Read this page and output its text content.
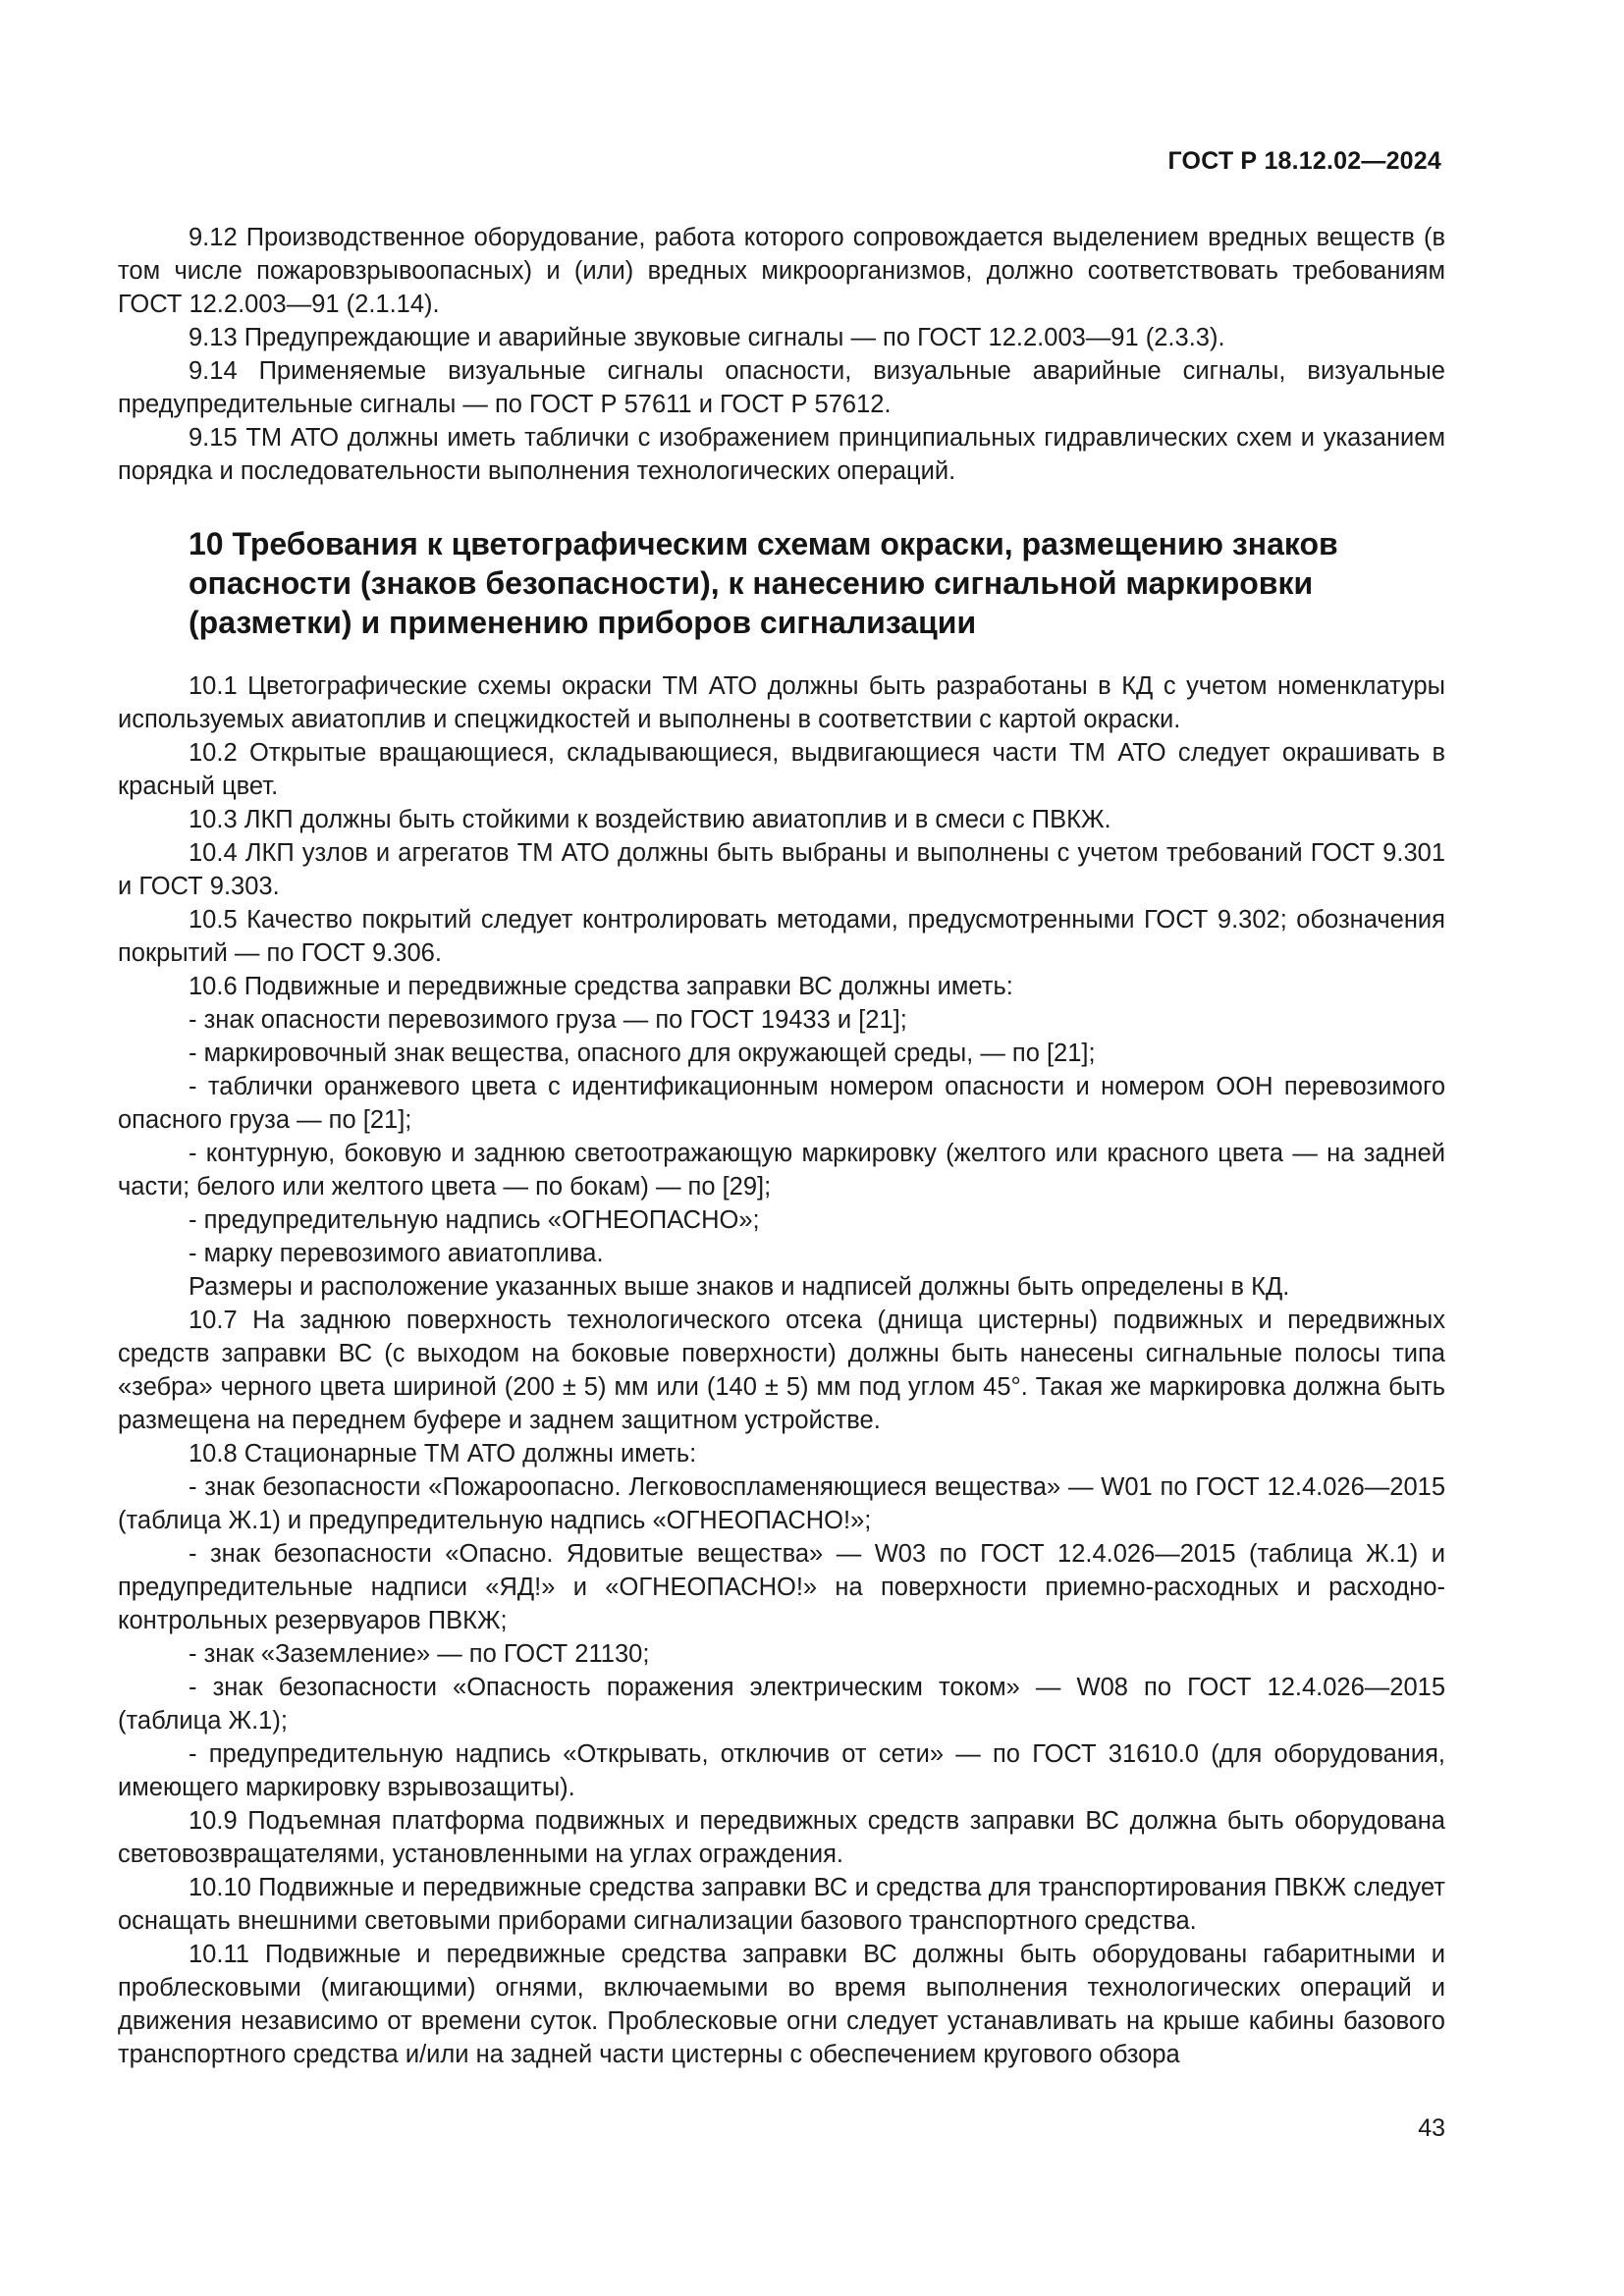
ГОСТ Р 18.12.02—2024

9.12 Производственное оборудование, работа которого сопровождается выделением вредных веществ (в том числе пожаровзрывоопасных) и (или) вредных микроорганизмов, должно соответствовать требованиям ГОСТ 12.2.003—91 (2.1.14).

9.13 Предупреждающие и аварийные звуковые сигналы — по ГОСТ 12.2.003—91 (2.3.3).

9.14 Применяемые визуальные сигналы опасности, визуальные аварийные сигналы, визуальные предупредительные сигналы — по ГОСТ Р 57611 и ГОСТ Р 57612.

9.15 ТМ АТО должны иметь таблички с изображением принципиальных гидравлических схем и указанием порядка и последовательности выполнения технологических операций.

10 Требования к цветографическим схемам окраски, размещению знаков опасности (знаков безопасности), к нанесению сигнальной маркировки (разметки) и применению приборов сигнализации

10.1 Цветографические схемы окраски ТМ АТО должны быть разработаны в КД с учетом номенклатуры используемых авиатоплив и спецжидкостей и выполнены в соответствии с картой окраски.

10.2 Открытые вращающиеся, складывающиеся, выдвигающиеся части ТМ АТО следует окрашивать в красный цвет.

10.3 ЛКП должны быть стойкими к воздействию авиатоплив и в смеси с ПВКЖ.

10.4 ЛКП узлов и агрегатов ТМ АТО должны быть выбраны и выполнены с учетом требований ГОСТ 9.301 и ГОСТ 9.303.

10.5 Качество покрытий следует контролировать методами, предусмотренными ГОСТ 9.302; обозначения покрытий — по ГОСТ 9.306.

10.6 Подвижные и передвижные средства заправки ВС должны иметь:

- знак опасности перевозимого груза — по ГОСТ 19433 и [21];

- маркировочный знак вещества, опасного для окружающей среды, — по [21];

- таблички оранжевого цвета с идентификационным номером опасности и номером ООН перевозимого опасного груза — по [21];

- контурную, боковую и заднюю светоотражающую маркировку (желтого или красного цвета — на задней части; белого или желтого цвета — по бокам) — по [29];

- предупредительную надпись «ОГНЕОПАСНО»;

- марку перевозимого авиатоплива.

Размеры и расположение указанных выше знаков и надписей должны быть определены в КД.

10.7 На заднюю поверхность технологического отсека (днища цистерны) подвижных и передвижных средств заправки ВС (с выходом на боковые поверхности) должны быть нанесены сигнальные полосы типа «зебра» черного цвета шириной (200 ± 5) мм или (140 ± 5) мм под углом 45°. Такая же маркировка должна быть размещена на переднем буфере и заднем защитном устройстве.

10.8 Стационарные ТМ АТО должны иметь:

- знак безопасности «Пожароопасно. Легковоспламеняющиеся вещества» — W01 по ГОСТ 12.4.026—2015 (таблица Ж.1) и предупредительную надпись «ОГНЕОПАСНО!»;

- знак безопасности «Опасно. Ядовитые вещества» — W03 по ГОСТ 12.4.026—2015 (таблица Ж.1) и предупредительные надписи «ЯД!» и «ОГНЕОПАСНО!» на поверхности приемно-расходных и расходно-контрольных резервуаров ПВКЖ;

- знак «Заземление» — по ГОСТ 21130;

- знак безопасности «Опасность поражения электрическим током» — W08 по ГОСТ 12.4.026—2015 (таблица Ж.1);

- предупредительную надпись «Открывать, отключив от сети» — по ГОСТ 31610.0 (для оборудования, имеющего маркировку взрывозащиты).

10.9 Подъемная платформа подвижных и передвижных средств заправки ВС должна быть оборудована световозвращателями, установленными на углах ограждения.

10.10 Подвижные и передвижные средства заправки ВС и средства для транспортирования ПВКЖ следует оснащать внешними световыми приборами сигнализации базового транспортного средства.

10.11 Подвижные и передвижные средства заправки ВС должны быть оборудованы габаритными и проблесковыми (мигающими) огнями, включаемыми во время выполнения технологических операций и движения независимо от времени суток. Проблесковые огни следует устанавливать на крыше кабины базового транспортного средства и/или на задней части цистерны с обеспечением кругового обзора

43
